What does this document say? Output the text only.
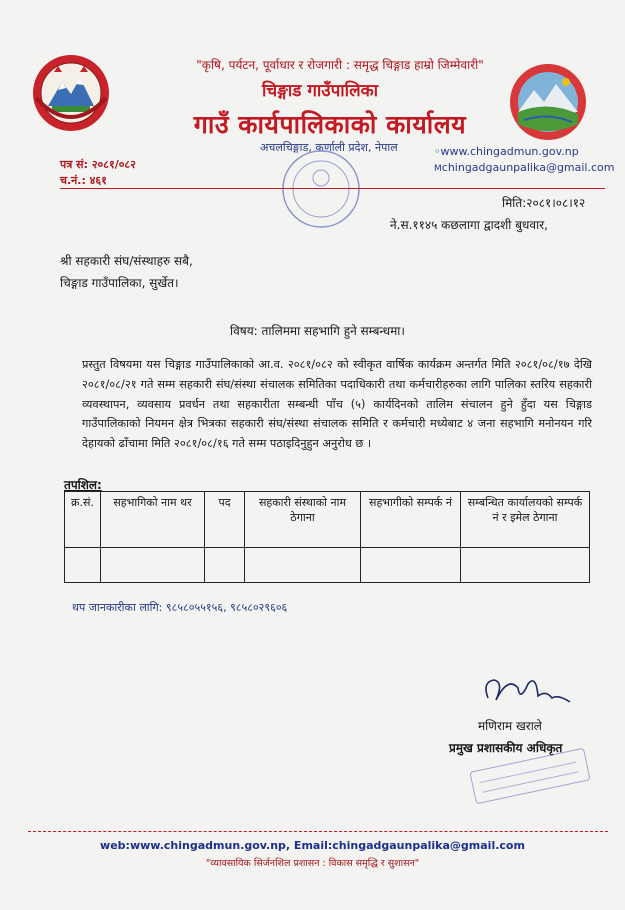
"कृषि, पर्यटन, पूर्वाधार र रोजगारी : समृद्ध चिङ्गाड हाम्रो जिम्मेवारी"
चिङ्गाड गाउँपालिका
गाउँ कार्यपालिकाको कार्यालय
अचलचिङ्गाड, कर्णाली प्रदेश, नेपाल	◦www.chingadmun.gov.np
Mchingadgaunpalika@gmail.com
पत्र सं: २०८१/०८२
च.नं.: ४६१
मिति:२०८१।०८।१२
ने.स.११४५ कछलागा द्वादशी बुधवार,
श्री सहकारी संघ/संस्थाहरु सबै,
चिङ्गाड गाउँपालिका, सुर्खेत।
विषय: तालिममा सहभागि हुने सम्बन्धमा।
प्रस्तुत विषयमा यस चिङ्गाड गाउँपालिकाको आ.व. २०८१/०८२ को स्वीकृत वार्षिक कार्यक्रम अन्तर्गत मिति २०८१/०८/१७ देखि २०८१/०८/२१ गते सम्म सहकारी संघ/संस्था संचालक समितिका पदाधिकारी तथा कर्मचारीहरुका लागि पालिका स्तरिय सहकारी व्यवस्थापन, व्यवसाय प्रवर्धन तथा सहकारीता सम्बन्धी पाँच (५) कार्यदिनको तालिम संचालन हुने हुँदा यस चिङ्गाड गाउँपालिकाको नियमन क्षेत्र भित्रका सहकारी संघ/संस्था संचालक समिति र कर्मचारी मध्येबाट ४ जना सहभागि मनोनयन गरि देहायको ढाँचामा मिति २०८१/०८/१६ गते सम्म पठाइदिनुहुन अनुरोध छ ।
तपशिल:
क्र.सं.	सहभागिको नाम थर	पद	सहकारी संस्थाको नाम ठेगाना	सहभागीको सम्पर्क नं	सम्बन्धित कार्यालयको सम्पर्क नं र इमेल ठेगाना

थप जानकारीका लागि: ९८५८०५५१५६, ९८५८०२९६०६
मणिराम खराले
प्रमुख प्रशासकीय अधिकृत
web:www.chingadmun.gov.np, Email:chingadgaunpalika@gmail.com
"व्यावसायिक सिर्जनशिल प्रशासन : विकास समृद्धि र सुशासन"
